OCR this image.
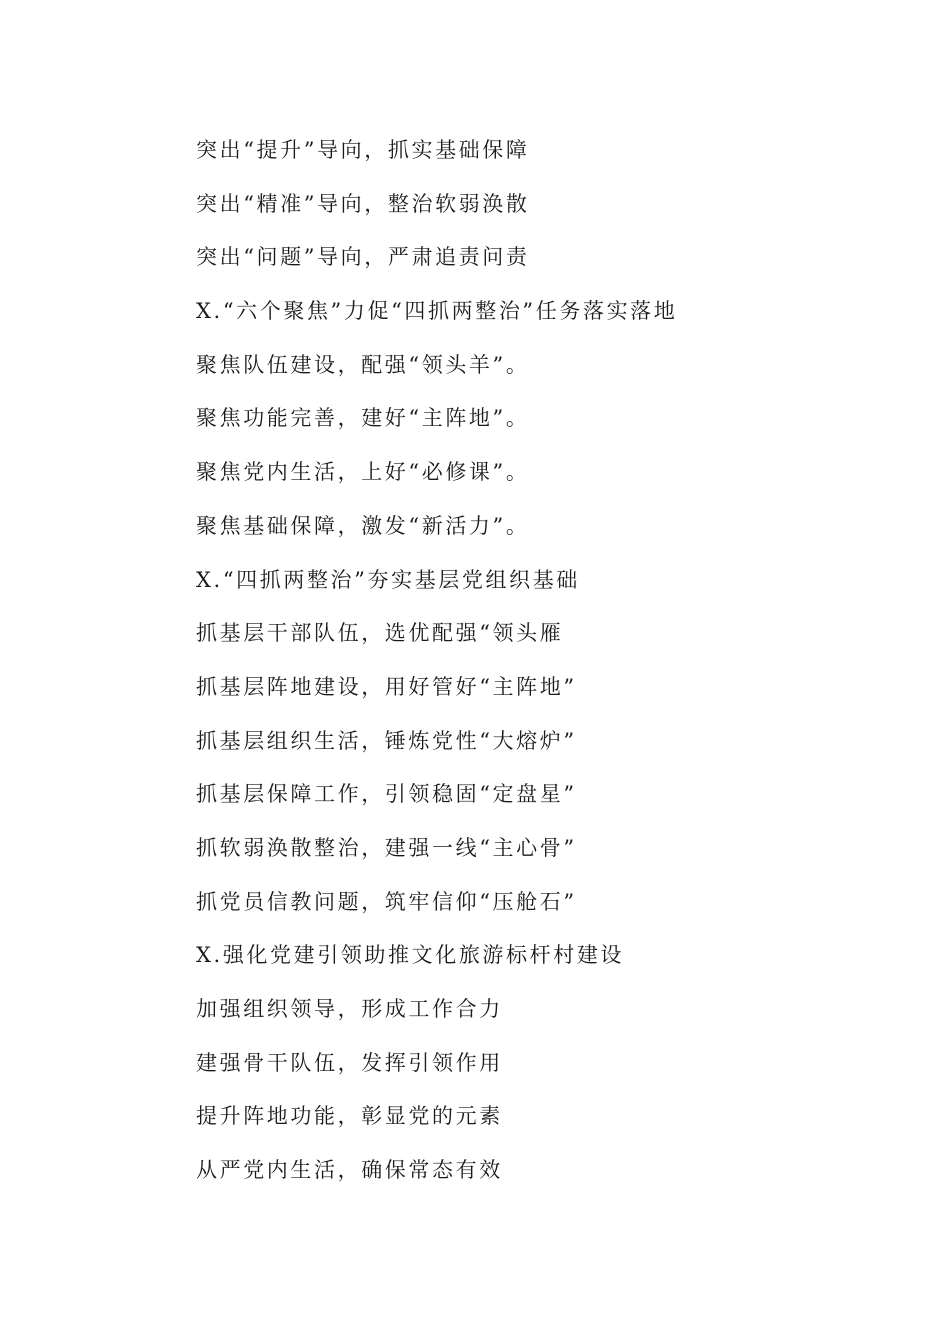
突出“提升”导向，抓实基础保障
突出“精准”导向，整治软弱涣散
突出“问题”导向，严肃追责问责
X.“六个聚焦”力促“四抓两整治”任务落实落地
聚焦队伍建设，配强“领头羊”。
聚焦功能完善，建好“主阵地”。
聚焦党内生活，上好“必修课”。
聚焦基础保障，激发“新活力”。
X.“四抓两整治”夯实基层党组织基础
抓基层干部队伍，选优配强“领头雁
抓基层阵地建设，用好管好“主阵地”
抓基层组织生活，锤炼党性“大熔炉”
抓基层保障工作，引领稳固“定盘星”
抓软弱涣散整治，建强一线“主心骨”
抓党员信教问题，筑牢信仰“压舱石”
X.强化党建引领助推文化旅游标杆村建设
加强组织领导，形成工作合力
建强骨干队伍，发挥引领作用
提升阵地功能，彰显党的元素
从严党内生活，确保常态有效
